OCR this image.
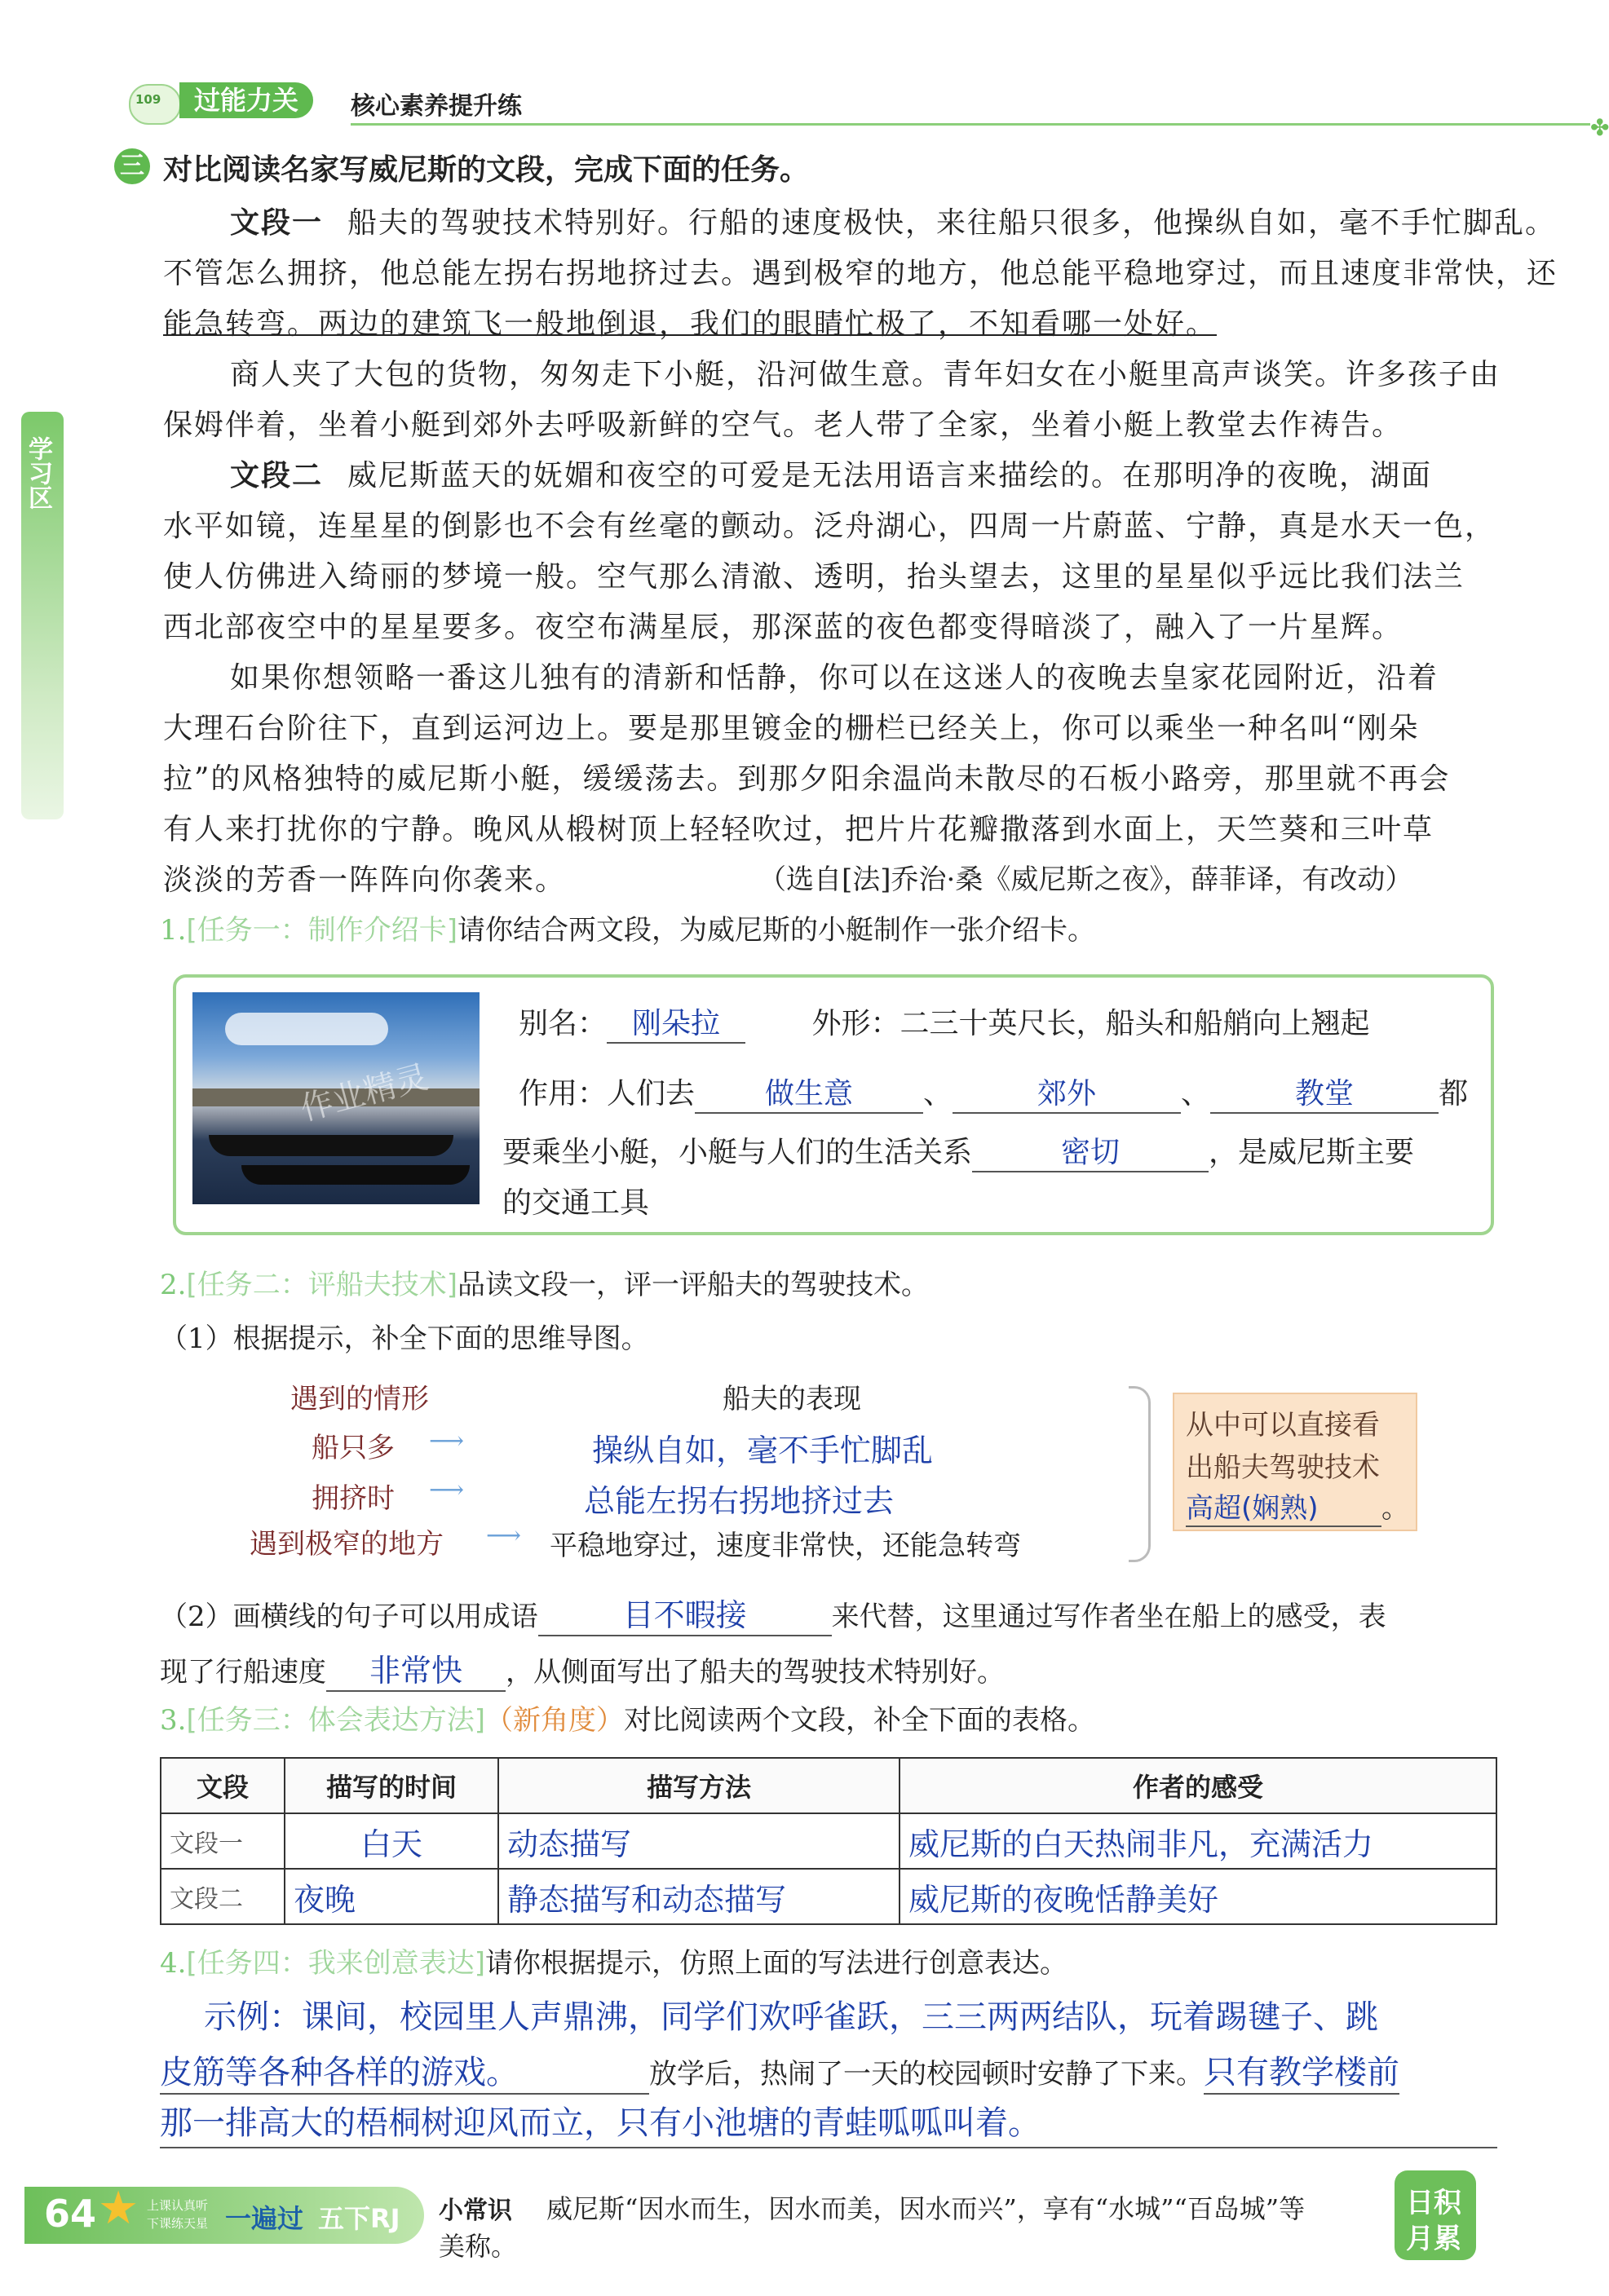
109	过能力关	核心素养提升练
✤
学习区
三 对比阅读名家写威尼斯的文段，完成下面的任务。
文段一 船夫的驾驶技术特别好。行船的速度极快，来往船只很多，他操纵自如，毫不手忙脚乱。
不管怎么拥挤，他总能左拐右拐地挤过去。遇到极窄的地方，他总能平稳地穿过，而且速度非常快，还
能急转弯。两边的建筑飞一般地倒退，我们的眼睛忙极了，不知看哪一处好。
商人夹了大包的货物，匆匆走下小艇，沿河做生意。青年妇女在小艇里高声谈笑。许多孩子由
保姆伴着，坐着小艇到郊外去呼吸新鲜的空气。老人带了全家，坐着小艇上教堂去作祷告。
文段二 威尼斯蓝天的妩媚和夜空的可爱是无法用语言来描绘的。在那明净的夜晚，湖面
水平如镜，连星星的倒影也不会有丝毫的颤动。泛舟湖心，四周一片蔚蓝、宁静，真是水天一色，
使人仿佛进入绮丽的梦境一般。空气那么清澈、透明，抬头望去，这里的星星似乎远比我们法兰
西北部夜空中的星星要多。夜空布满星辰，那深蓝的夜色都变得暗淡了，融入了一片星辉。
如果你想领略一番这儿独有的清新和恬静，你可以在这迷人的夜晚去皇家花园附近，沿着
大理石台阶往下，直到运河边上。要是那里镀金的栅栏已经关上，你可以乘坐一种名叫“刚朵
拉”的风格独特的威尼斯小艇，缓缓荡去。到那夕阳余温尚未散尽的石板小路旁，那里就不再会
有人来打扰你的宁静。晚风从椴树顶上轻轻吹过，把片片花瓣撒落到水面上，天竺葵和三叶草
淡淡的芳香一阵阵向你袭来。	（选自[法]乔治·桑《威尼斯之夜》，薛菲译，有改动）
1.[任务一：制作介绍卡]请你结合两文段，为威尼斯的小艇制作一张介绍卡。
作业精灵
别名： 刚朵拉	外形：二三十英尺长，船头和船艄向上翘起
作用：人们去 做生意 、	郊外	、	教堂	都
要乘坐小艇，小艇与人们的生活关系	密切	，是威尼斯主要
的交通工具
2.[任务二：评船夫技术]品读文段一，评一评船夫的驾驶技术。
（1）根据提示，补全下面的思维导图。
遇到的情形	船夫的表现
船只多 ⟶	操纵自如，毫不手忙脚乱
拥挤时 ⟶	总能左拐右拐地挤过去
遇到极窄的地方 ⟶ 平稳地穿过，速度非常快，还能急转弯
从中可以直接看
出船夫驾驶技术
高超(娴熟) 。
（2）画横线的句子可以用成语	目不暇接	来代替，这里通过写作者坐在船上的感受，表
现了行船速度 非常快 ，从侧面写出了船夫的驾驶技术特别好。
3.[任务三：体会表达方法]（新角度）对比阅读两个文段，补全下面的表格。
文段	描写的时间	描写方法	作者的感受
文段一	白天	动态描写	威尼斯的白天热闹非凡，充满活力
文段二	夜晚	静态描写和动态描写	威尼斯的夜晚恬静美好
4.[任务四：我来创意表达]请你根据提示，仿照上面的写法进行创意表达。
示例：课间，校园里人声鼎沸，同学们欢呼雀跃，三三两两结队，玩着踢毽子、跳
皮筋等各种各样的游戏。	放学后，热闹了一天的校园顿时安静了下来。只有教学楼前
那一排高大的梧桐树迎风而立，只有小池塘的青蛙呱呱叫着。
64 ★ 上课认真听
下课练天星 一遍过 五下RJ 小常识 威尼斯“因水而生，因水而美，因水而兴”，享有“水城”“百岛城”等
美称。
日积
月累
